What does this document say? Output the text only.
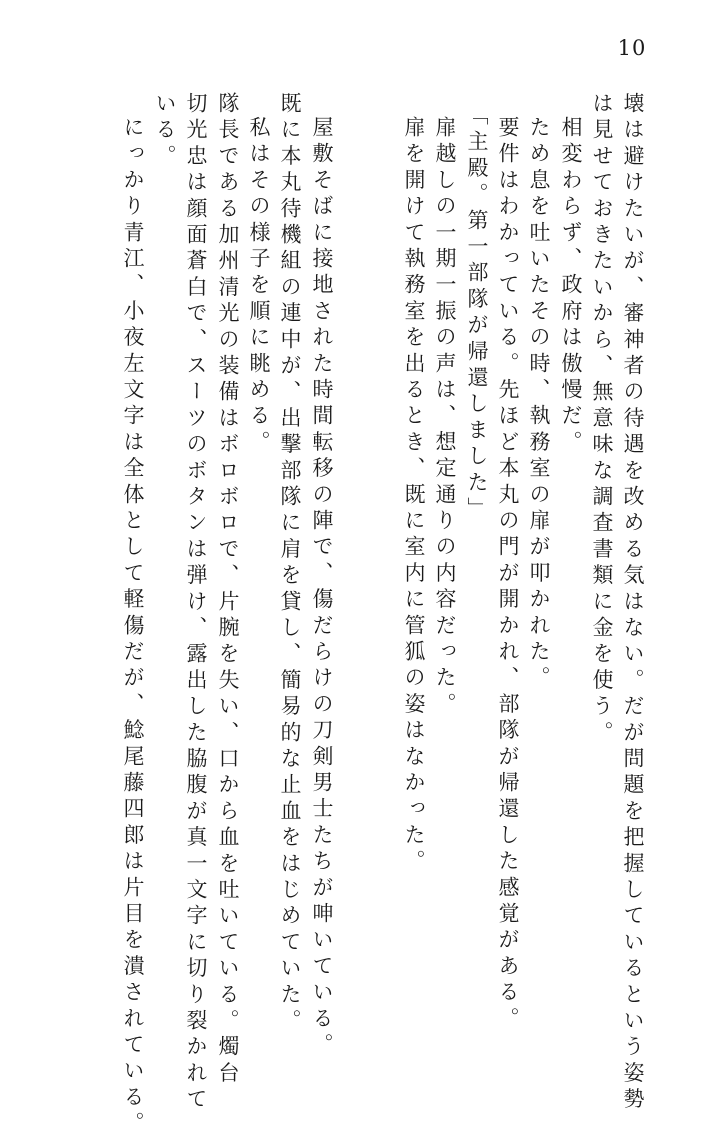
10

壊は避けたいが、審神者の待遇を改める気はない。だが問題を把握しているという姿勢

は見せておきたいから、無意味な調査書類に金を使う。

相変わらず、政府は傲慢だ。

ため息を吐いたその時、執務室の扉が叩かれた。

要件はわかっている。先ほど本丸の門が開かれ、部隊が帰還した感覚がある。

「主殿。第一部隊が帰還しました」

扉越しの一期一振の声は、想定通りの内容だった。

扉を開けて執務室を出るとき、既に室内に管狐の姿はなかった。

屋敷そばに接地された時間転移の陣で、傷だらけの刀剣男士たちが呻いている。

既に本丸待機組の連中が、出撃部隊に肩を貸し、簡易的な止血をはじめていた。

私はその様子を順に眺める。

隊長である加州清光の装備はボロボロで、片腕を失い、口から血を吐いている。燭台

切光忠は顔面蒼白で、スーツのボタンは弾け、露出した脇腹が真一文字に切り裂かれて

いる。

にっかり青江、小夜左文字は全体として軽傷だが、鯰尾藤四郎は片目を潰されている。
